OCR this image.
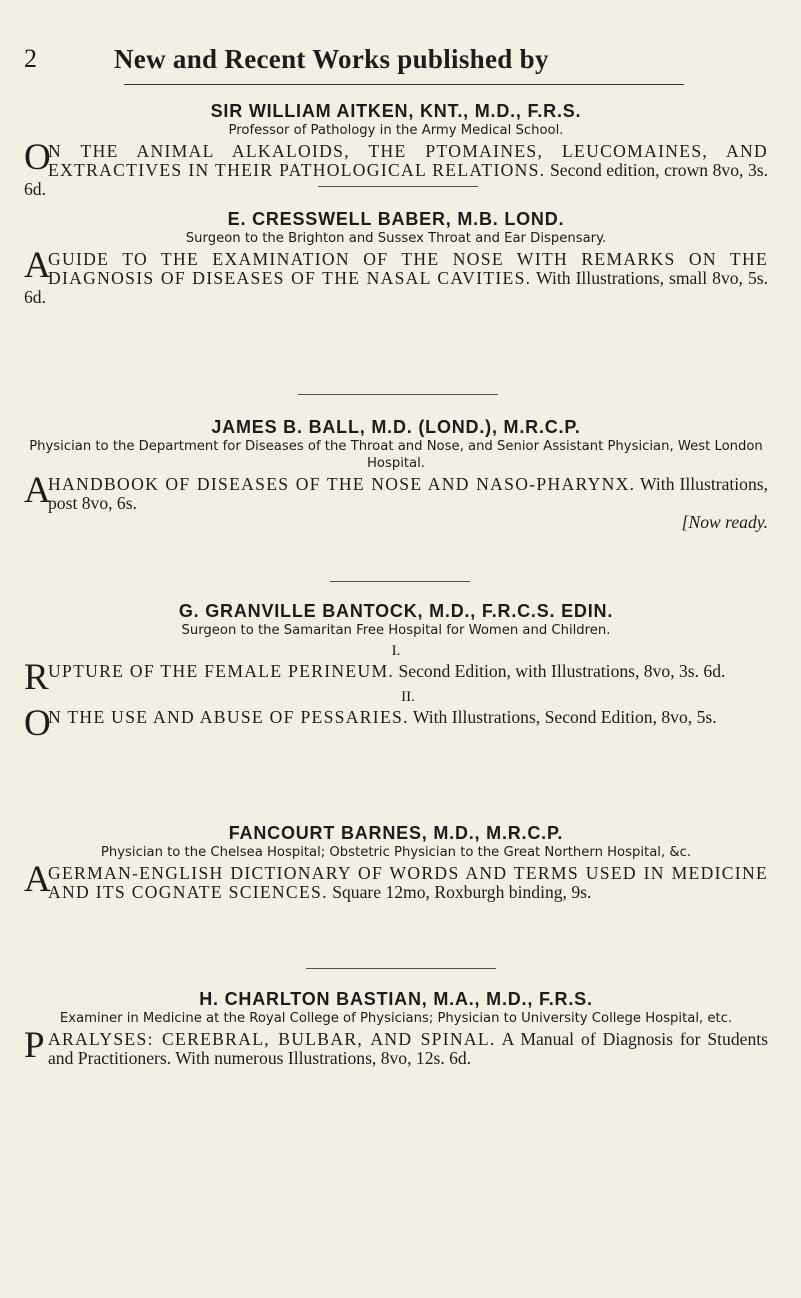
2	New and Recent Works published by
SIR WILLIAM AITKEN, KNT., M.D., F.R.S.
Professor of Pathology in the Army Medical School.
O
N THE ANIMAL ALKALOIDS, THE PTOMAINES, LEUCOMAINES, AND EXTRACTIVES IN THEIR PATHOLOGICAL RELATIONS. Second edition, crown 8vo, 3s. 6d.
E. CRESSWELL BABER, M.B. LOND.
Surgeon to the Brighton and Sussex Throat and Ear Dispensary.
A
GUIDE TO THE EXAMINATION OF THE NOSE WITH REMARKS ON THE DIAGNOSIS OF DISEASES OF THE NASAL CAVITIES. With Illustrations, small 8vo, 5s. 6d.
JAMES B. BALL, M.D. (LOND.), M.R.C.P.
Physician to the Department for Diseases of the Throat and Nose, and Senior Assistant Physician, West London Hospital.
A
HANDBOOK OF DISEASES OF THE NOSE AND NASO-PHARYNX. With Illustrations, post 8vo, 6s.
[Now ready.
G. GRANVILLE BANTOCK, M.D., F.R.C.S. EDIN.
Surgeon to the Samaritan Free Hospital for Women and Children.
I.
RUPTURE OF THE FEMALE PERINEUM. Second Edition, with Illustrations, 8vo, 3s. 6d.
II.
O
N THE USE AND ABUSE OF PESSARIES. With Illustrations, Second Edition, 8vo, 5s.
FANCOURT BARNES, M.D., M.R.C.P.
Physician to the Chelsea Hospital; Obstetric Physician to the Great Northern Hospital, &c.
A
GERMAN-ENGLISH DICTIONARY OF WORDS AND TERMS USED IN MEDICINE AND ITS COGNATE SCIENCES. Square 12mo, Roxburgh binding, 9s.
H. CHARLTON BASTIAN, M.A., M.D., F.R.S.
Examiner in Medicine at the Royal College of Physicians; Physician to University College Hospital, etc.
PARALYSES: CEREBRAL, BULBAR, AND SPINAL. A Manual of Diagnosis for Students and Practitioners. With numerous Illustrations, 8vo, 12s. 6d.
